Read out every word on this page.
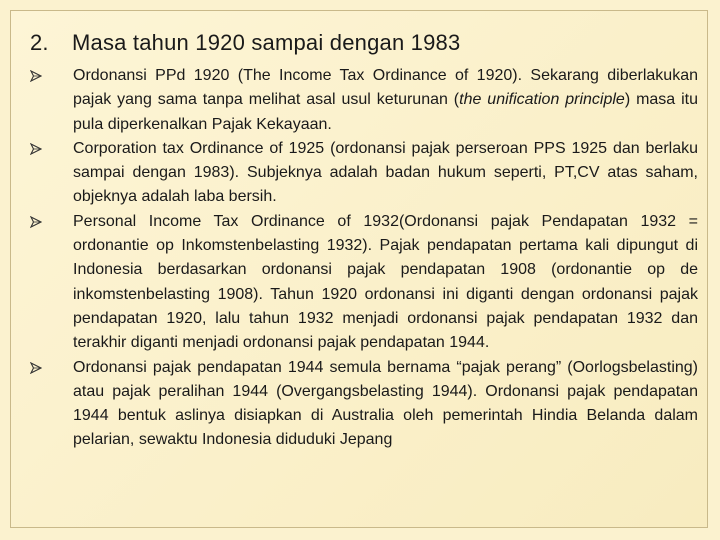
2. Masa tahun 1920 sampai dengan 1983
Ordonansi PPd 1920 (The Income Tax Ordinance of 1920). Sekarang diberlakukan pajak yang sama tanpa melihat asal usul keturunan (the unification principle) masa itu pula diperkenalkan Pajak Kekayaan.
Corporation tax Ordinance of 1925 (ordonansi pajak perseroan PPS 1925 dan berlaku sampai dengan 1983). Subjeknya adalah badan hukum seperti, PT,CV atas saham, objeknya adalah laba bersih.
Personal Income Tax Ordinance of 1932(Ordonansi pajak Pendapatan 1932 = ordonantie op Inkomstenbelasting 1932). Pajak pendapatan pertama kali dipungut di Indonesia berdasarkan ordonansi pajak pendapatan 1908 (ordonantie op de inkomstenbelasting 1908). Tahun 1920 ordonansi ini diganti dengan ordonansi pajak pendapatan 1920, lalu tahun 1932 menjadi ordonansi pajak pendapatan 1932 dan terakhir diganti menjadi ordonansi pajak pendapatan 1944.
Ordonansi pajak pendapatan 1944 semula bernama “pajak perang” (Oorlogsbelasting) atau pajak peralihan 1944 (Overgangsbelasting 1944). Ordonansi pajak pendapatan 1944 bentuk aslinya disiapkan di Australia oleh pemerintah Hindia Belanda dalam pelarian, sewaktu Indonesia diduduki Jepang
